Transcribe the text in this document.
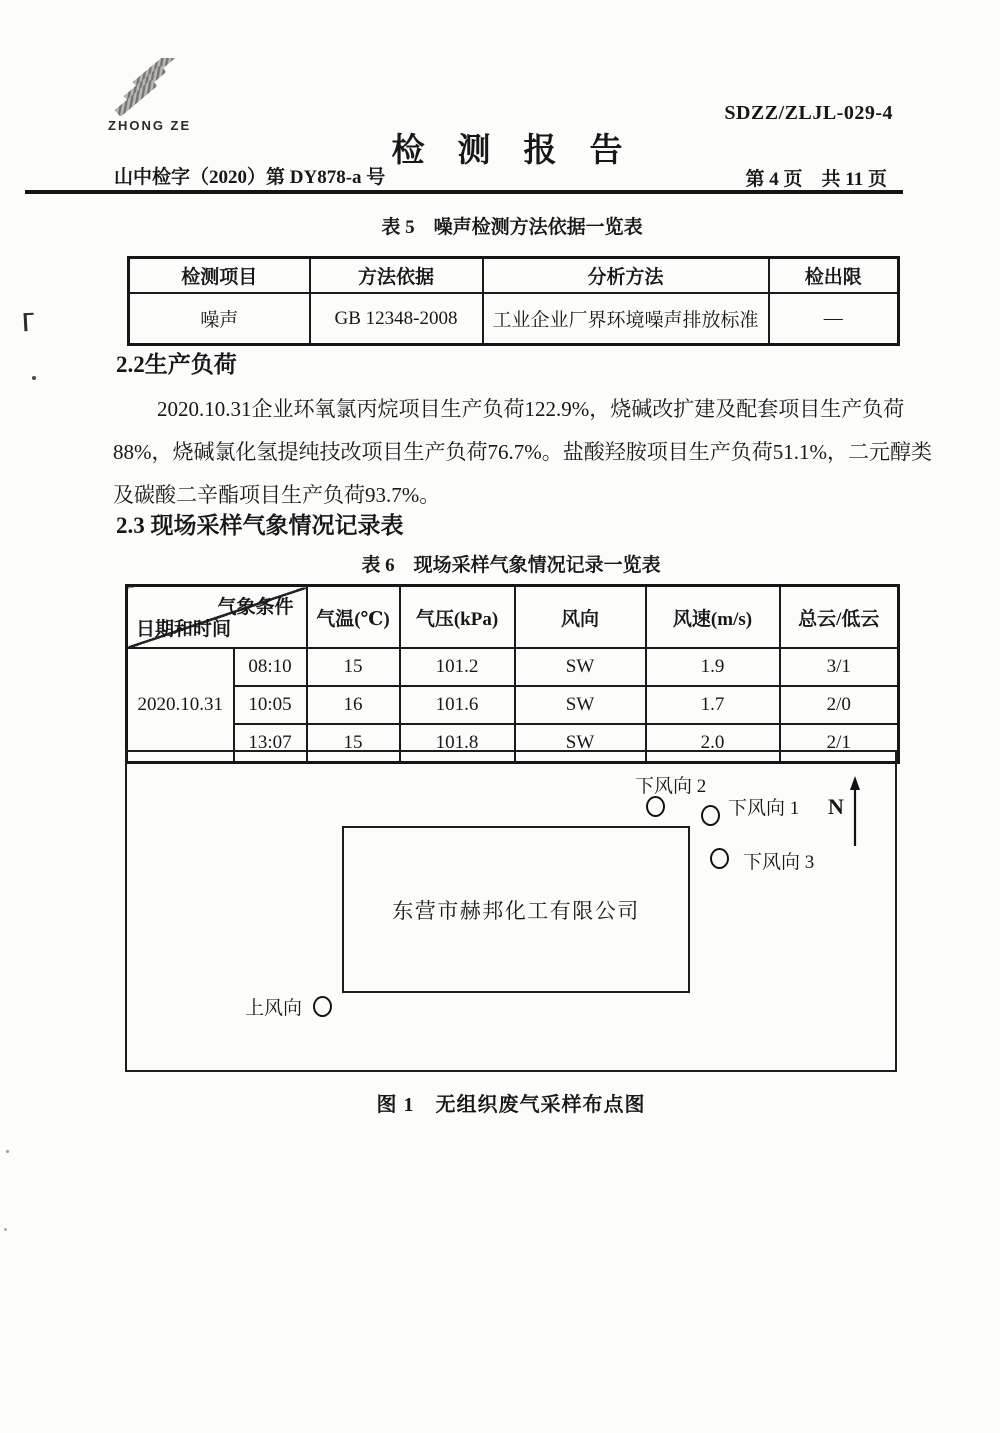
ZHONG ZE
SDZZ/ZLJL-029-4
检　测　报　告
山中检字（2020）第 DY878-a 号	第 4 页　共 11 页
表 5　噪声检测方法依据一览表
检测项目	方法依据	分析方法	检出限
噪声	GB 12348-2008	工业企业厂界环境噪声排放标准	—
2.2生产负荷
2020.10.31企业环氧氯丙烷项目生产负荷122.9%，烧碱改扩建及配套项目生产负荷
88%，烧碱氯化氢提纯技改项目生产负荷76.7%。盐酸羟胺项目生产负荷51.1%，二元醇类
及碳酸二辛酯项目生产负荷93.7%。
2.3 现场采样气象情况记录表
表 6　现场采样气象情况记录一览表
气象条件
日期和时间		气温(℃)	气压(kPa)	风向	风速(m/s)	总云/低云
2020.10.31	08:10	15	101.2	SW	1.9	3/1
	10:05	16	101.6	SW	1.7	2/0
	13:07	15	101.8	SW	2.0	2/1
东营市赫邦化工有限公司
下风向 2
下风向 1
下风向 3
N
上风向
图 1　无组织废气采样布点图
